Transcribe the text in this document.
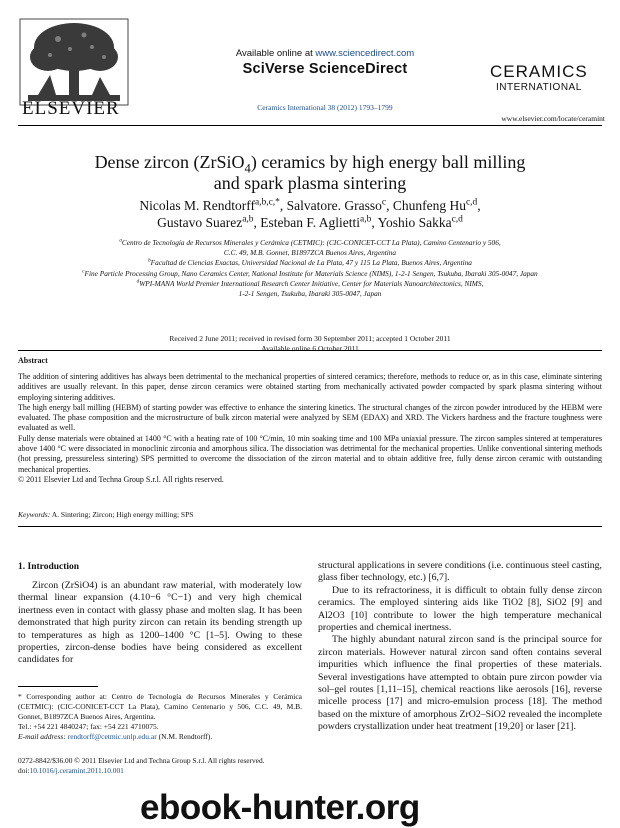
ELSEVIER
Available online at www.sciencedirect.com
SciVerse ScienceDirect
Ceramics International 38 (2012) 1793–1799
CERAMICS
INTERNATIONAL
www.elsevier.com/locate/ceramint
Dense zircon (ZrSiO$_4$) ceramics by high energy ball milling
and spark plasma sintering
Nicolas M. Rendtorff$^{a,b,c,*}$, Salvatore. Grasso$^c$, Chunfeng Hu$^{c,d}$,
Gustavo Suarez$^{a,b}$, Esteban F. Aglietti$^{a,b}$, Yoshio Sakka$^{c,d}$
$^a$Centro de Tecnología de Recursos Minerales y Cerámica (CETMIC): (CIC-CONICET-CCT La Plata), Camino Centenario y 506,
C.C. 49, M.B. Gonnet, B1897ZCA Buenos Aires, Argentina
$^b$Facultad de Ciencias Exactas, Universidad Nacional de La Plata, 47 y 115 La Plata, Buenos Aires, Argentina
$^c$Fine Particle Processing Group, Nano Ceramics Center, National Institute for Materials Science (NIMS), 1-2-1 Sengen, Tsukuba, Ibaraki 305-0047, Japan
$^d$WPI-MANA World Premier International Research Center Initiative, Center for Materials Nanoarchitectonics, NIMS,
1-2-1 Sengen, Tsukuba, Ibaraki 305-0047, Japan
Received 2 June 2011; received in revised form 30 September 2011; accepted 1 October 2011
Available online 6 October 2011
Abstract

The addition of sintering additives has always been detrimental to the mechanical properties of sintered ceramics; therefore, methods to reduce or, as in this case, eliminate sintering additives are usually relevant. In this paper, dense zircon ceramics were obtained starting from mechanically activated powder compacted by spark plasma sintering without employing sintering additives.

The high energy ball milling (HEBM) of starting powder was effective to enhance the sintering kinetics. The structural changes of the zircon powder introduced by the HEBM were evaluated. The phase composition and the microstructure of bulk zircon material were analyzed by SEM (EDAX) and XRD. The Vickers hardness and the fracture toughness were evaluated as well.

Fully dense materials were obtained at 1400 °C with a heating rate of 100 °C/min, 10 min soaking time and 100 MPa uniaxial pressure. The zircon samples sintered at temperatures above 1400 °C were dissociated in monoclinic zirconia and amorphous silica. The dissociation was detrimental for the mechanical properties. Unlike conventional sintering methods (hot pressing, pressureless sintering) SPS permitted to overcome the dissociation of the zircon material and to obtain additive free, fully dense zircon ceramic with outstanding mechanical properties.

© 2011 Elsevier Ltd and Techna Group S.r.l. All rights reserved.

Keywords: A. Sintering; Zircon; High energy milling; SPS
1. Introduction

Zircon (ZrSiO4) is an abundant raw material, with moderately low thermal linear expansion (4.10−6 °C−1) and very high chemical inertness even in contact with glassy phase and molten slag. It has been demonstrated that high purity zircon can retain its bending strength up to temperatures as high as 1200–1400 °C [1–5]. Owing to these properties, zircon-dense bodies have being considered as excellent candidates for

structural applications in severe conditions (i.e. continuous steel casting, glass fiber technology, etc.) [6,7].

Due to its refractoriness, it is difficult to obtain fully dense zircon ceramics. The employed sintering aids like TiO2 [8], SiO2 [9] and Al2O3 [10] contribute to lower the high temperature mechanical properties and chemical inertness.

The highly abundant natural zircon sand is the principal source for zircon materials. However natural zircon sand often contains several impurities which influence the final properties of these materials. Several investigations have attempted to obtain pure zircon powder via sol–gel routes [1,11–15], chemical reactions like aerosols [16], reverse micelle process [17] and micro-emulsion process [18]. The method based on the mixture of amorphous ZrO2–SiO2 revealed the incomplete powders crystallization under heat treatment [19,20] or laser [21].

* Corresponding author at: Centro de Tecnología de Recursos Minerales y Cerámica (CETMIC): (CIC-CONICET-CCT La Plata), Camino Centenario y 506, C.C. 49, M.B. Gonnet, B1897ZCA Buenos Aires, Argentina.
Tel.: +54 221 4840247; fax: +54 221 4710075.
E-mail address: rendtorff@cetmic.unlp.edu.ar (N.M. Rendtorff).
0272-8842/$36.00 © 2011 Elsevier Ltd and Techna Group S.r.l. All rights reserved.
doi:10.1016/j.ceramint.2011.10.001
ebook-hunter.org
